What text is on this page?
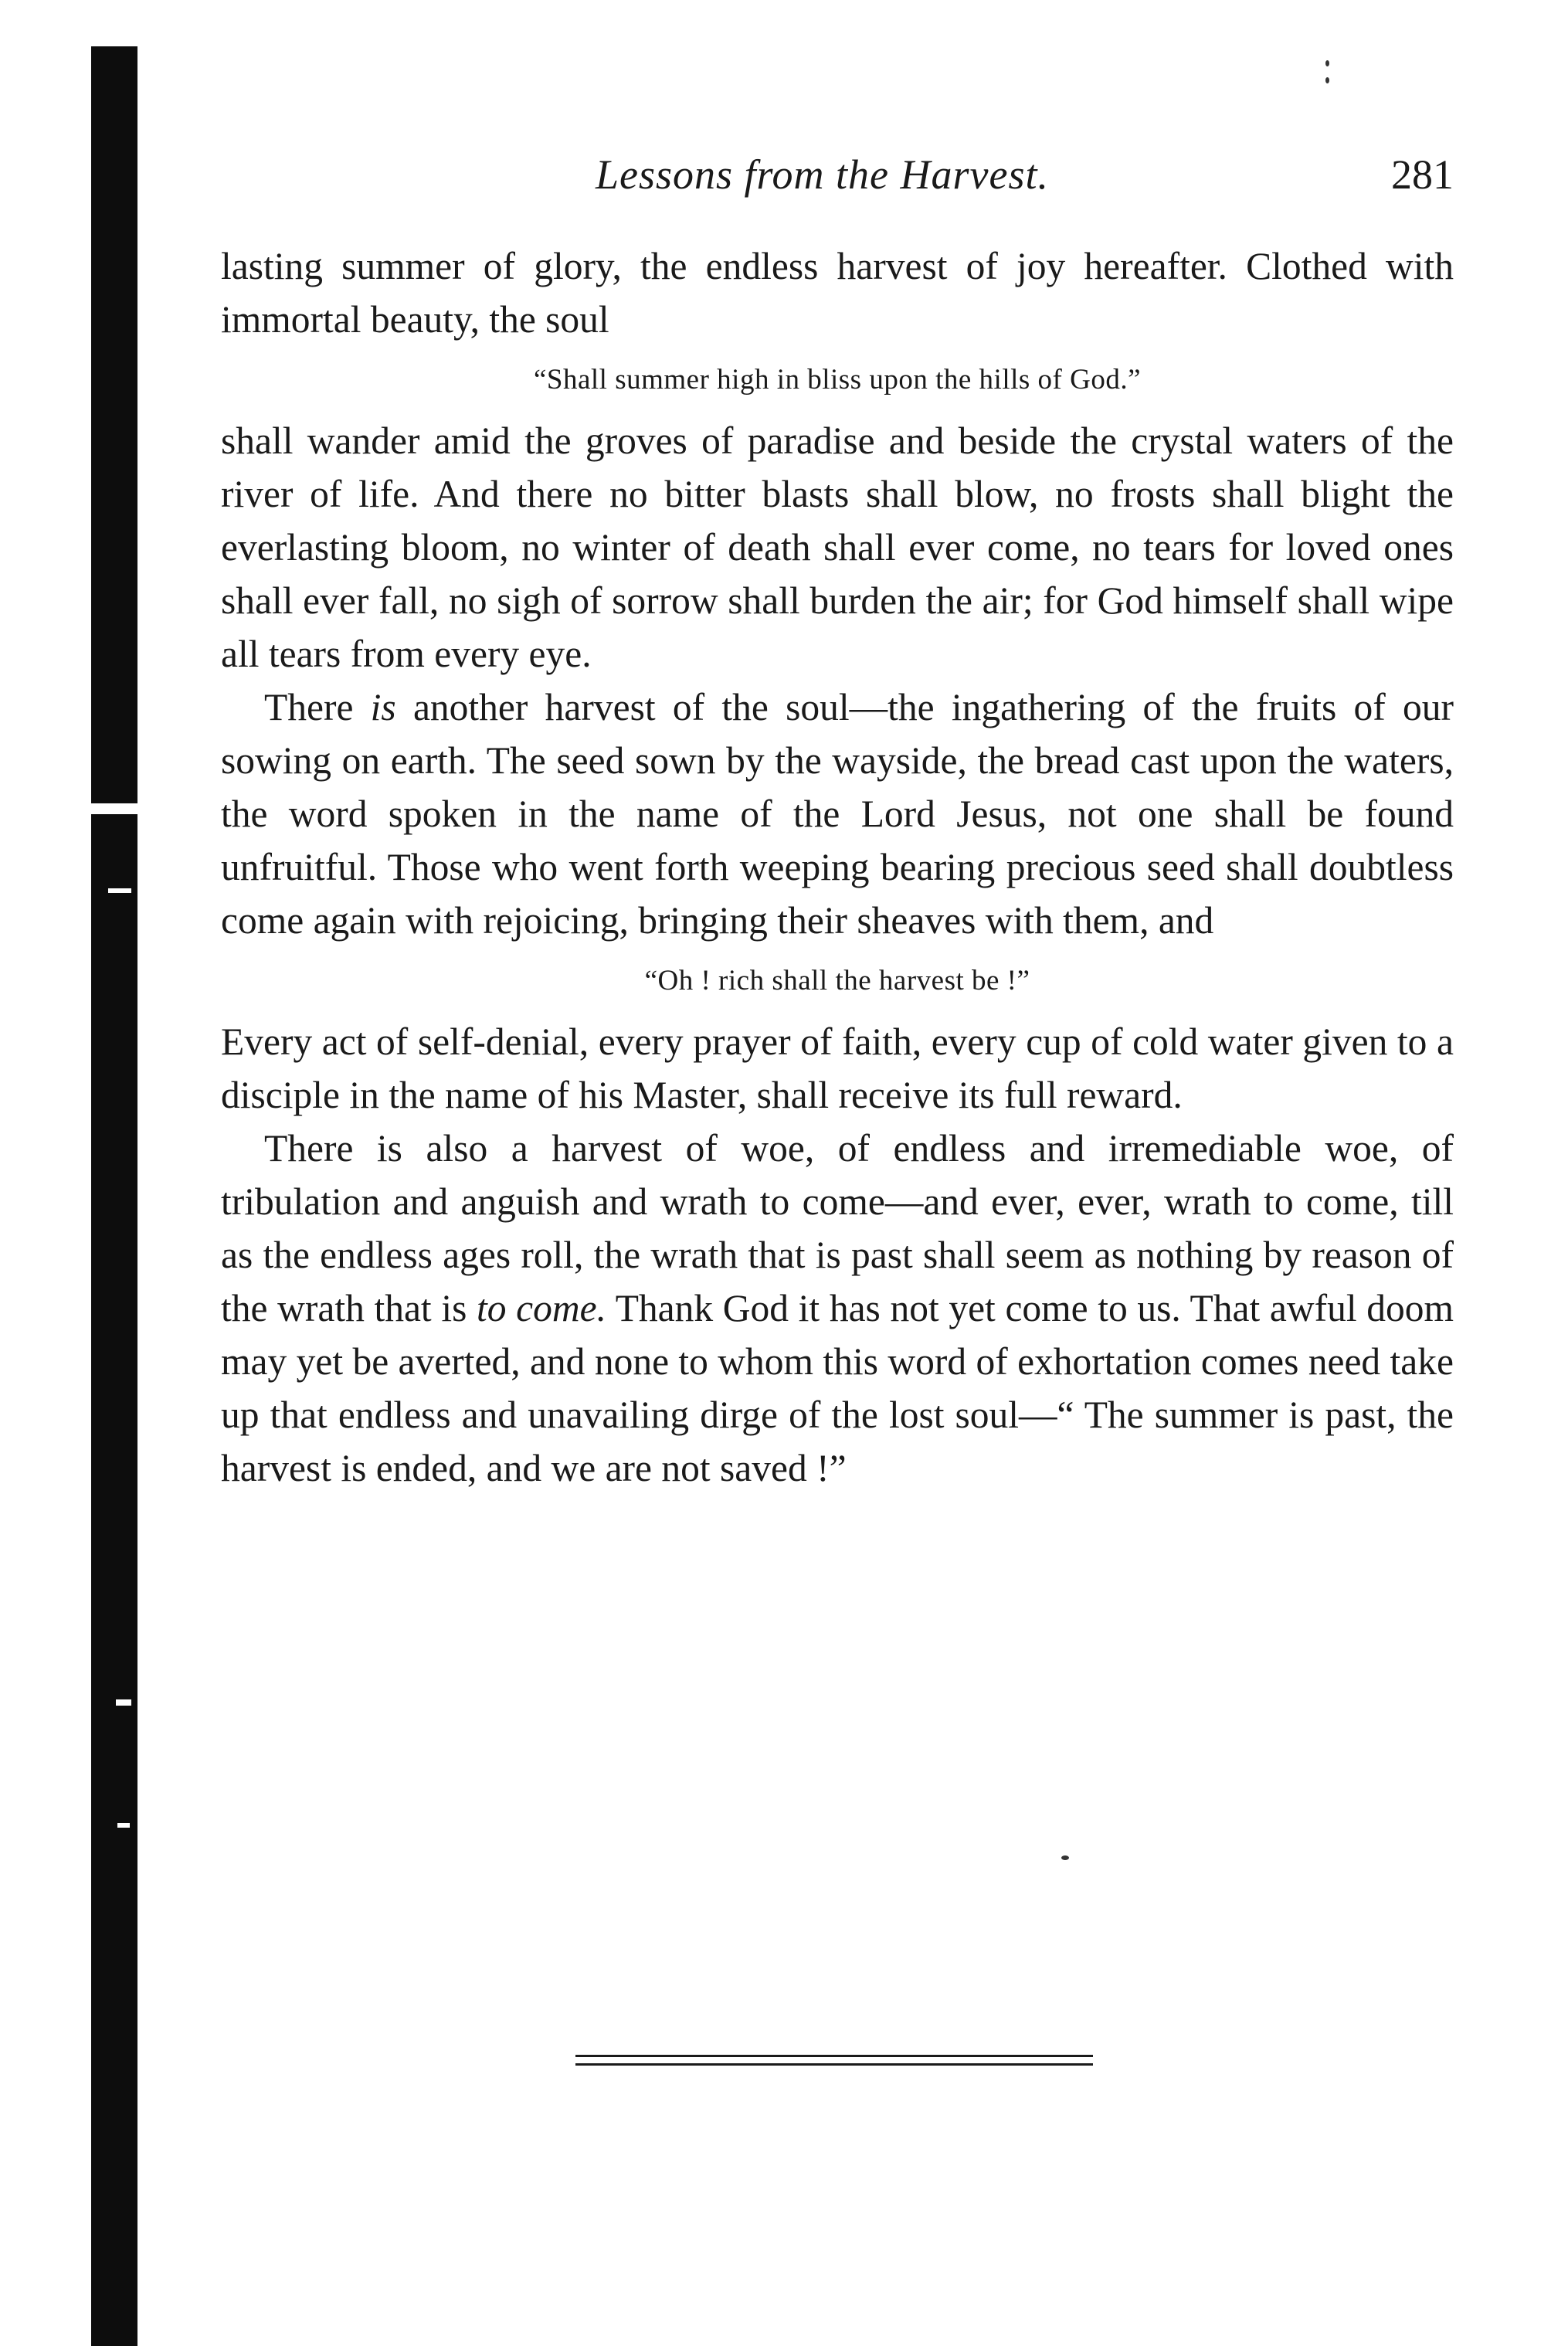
Lessons from the Harvest.	281

lasting summer of glory, the endless harvest of joy hereafter. Clothed with immortal beauty, the soul

“Shall summer high in bliss upon the hills of God.”

shall wander amid the groves of paradise and beside the crystal waters of the river of life. And there no bitter blasts shall blow, no frosts shall blight the everlasting bloom, no winter of death shall ever come, no tears for loved ones shall ever fall, no sigh of sorrow shall burden the air; for God himself shall wipe all tears from every eye.

There is another harvest of the soul—the ingathering of the fruits of our sowing on earth. The seed sown by the wayside, the bread cast upon the waters, the word spoken in the name of the Lord Jesus, not one shall be found unfruitful. Those who went forth weeping bearing precious seed shall doubtless come again with rejoicing, bringing their sheaves with them, and

“Oh ! rich shall the harvest be !”

Every act of self-denial, every prayer of faith, every cup of cold water given to a disciple in the name of his Master, shall receive its full reward.

There is also a harvest of woe, of endless and irremediable woe, of tribulation and anguish and wrath to come—and ever, ever, wrath to come, till as the endless ages roll, the wrath that is past shall seem as nothing by reason of the wrath that is to come. Thank God it has not yet come to us. That awful doom may yet be averted, and none to whom this word of exhortation comes need take up that endless and unavailing dirge of the lost soul—“ The summer is past, the harvest is ended, and we are not saved !”
